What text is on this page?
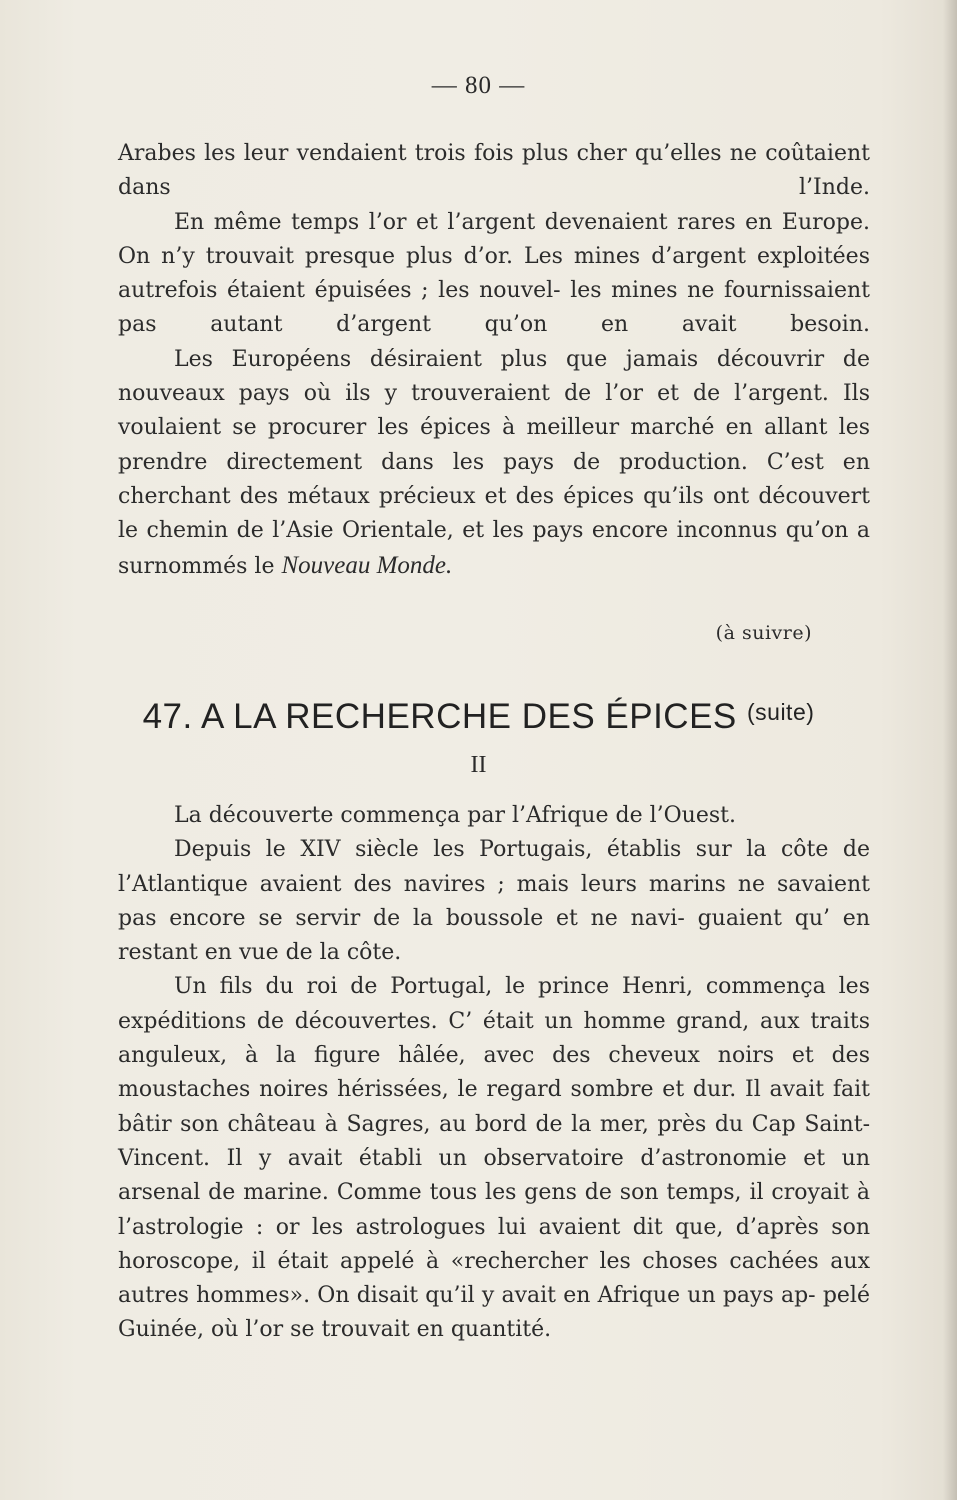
— 80 —

Arabes les leur vendaient trois fois plus cher qu’elles ne coûtaient dans l’Inde.

En même temps l’or et l’argent devenaient rares en Europe. On n’y trouvait presque plus d’or. Les mines d’argent exploitées autrefois étaient épuisées ; les nouvel- les mines ne fournissaient pas autant d’argent qu’on en avait besoin.

Les Européens désiraient plus que jamais découvrir de nouveaux pays où ils y trouveraient de l’or et de l’argent. Ils voulaient se procurer les épices à meilleur marché en allant les prendre directement dans les pays de production. C’est en cherchant des métaux précieux et des épices qu’ils ont découvert le chemin de l’Asie Orientale, et les pays encore inconnus qu’on a surnommés le Nouveau Monde.

(à suivre)
47. A LA RECHERCHE DES ÉPICES $^{(suite)}$
II

La découverte commença par l’Afrique de l’Ouest.

Depuis le XIV siècle les Portugais, établis sur la côte de l’Atlantique avaient des navires ; mais leurs marins ne savaient pas encore se servir de la boussole et ne navi- guaient qu’ en restant en vue de la côte.

Un fils du roi de Portugal, le prince Henri, commença les expéditions de découvertes. C’ était un homme grand, aux traits anguleux, à la figure hâlée, avec des cheveux noirs et des moustaches noires hérissées, le regard sombre et dur. Il avait fait bâtir son château à Sagres, au bord de la mer, près du Cap Saint-Vincent. Il y avait établi un observatoire d’astronomie et un arsenal de marine. Comme tous les gens de son temps, il croyait à l’astrologie : or les astrologues lui avaient dit que, d’après son horoscope, il était appelé à «rechercher les choses cachées aux autres hommes». On disait qu’il y avait en Afrique un pays ap- pelé Guinée, où l’or se trouvait en quantité.
